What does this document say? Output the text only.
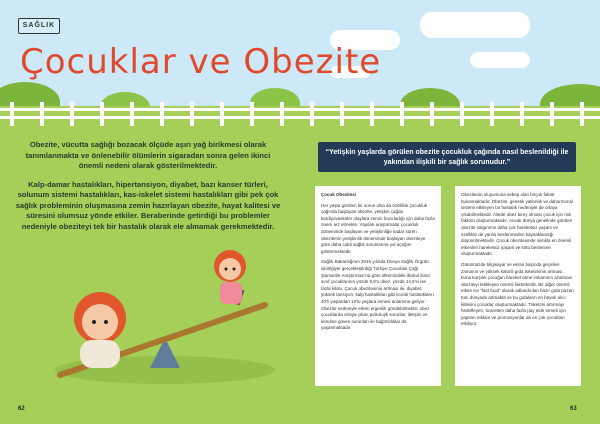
SAĞLIK
Çocuklar ve Obezite

Obezite, vücutta sağlığı bozacak ölçüde aşırı yağ birikmesi olarak tanımlanmakta ve önlenebilir ölümlerin sigaradan sonra gelen ikinci önemli nedeni olarak gösterilmektedir.

Kalp-damar hastalıkları, hipertansiyon, diyabet, bazı kanser türleri, solunum sistemi hastalıkları, kas-iskelet sistemi hastalıkları gibi pek çok sağlık probleminin oluşmasına zemin hazırlayan obezite, hayat kalitesi ve süresini olumsuz yönde etkiler. Beraberinde getirdiği bu problemler nedeniyle obeziteyi tek bir hastalık olarak ele almamak gerekmektedir.

“Yetişkin yaşlarda görülen obezite çocukluk çağında nasıl beslenildiği ile yakından ilişkili bir sağlık sorunudur.”

Çocuk Obezitesi

Her yaşta görülen bir sorun olsa da özellikle çocukluk çağında başlayan obezite, yetişkin çağda kardiyovasküler olaylara zemin hazırladığı için daha fazla önem arz etmekte. Yapılan araştırmalar çocukluk döneminde başlayan ve yetişkinliğe kadar süren obezitenin yetişkinlik döneminde başlayan obeziteye göre daha ciddi sağlık sorunlarına yol açtığını göstermektedir.

Sağlık Bakanlığının 2016 yılında Dünya Sağlık Örgütü işbirliğiyle gerçekleştirdiği Türkiye Çocukluk Çağı Şişmanlık Araştırması'na göre ülkemizdeki ilkokul ikinci sınıf çocuklarının yüzde 9,9'u obez, yüzde 14,6'sı ise fazla kilolu. Çocuk obezitesinin artması ile, diyabet, yüksek tansiyon, kalp hastalıkları gibi kronik hastalıkların 40'lı yaşlardan 10'lu yaşlara inmesi anlamına geliyor. Obezite nedeniyle erken ergenlik görülebilmekte; obez çocuklarda ortaya çıkan psikolojik sorunlar, iletişim ve kendine güven sorunları ile bağımlılıklar da yaşanmaktadır.

Obezitenin oluşumuna sebep olan birçok faktör bulunmaktadır. Obezite, genetik yatkınlık ve dahormonal sistemi etkileyen bir hastalık nedeniyle de ortaya çıkabilmektedir. Ailede obez birey olması çocuk için risk faktörü oluşturmaktadır. Ancak dünya genelinde görülen obezite salgınının daha çok hareketsiz yaşam ve özellikle de yanlış beslenmeden kaynaklandığı düşünülmektedir. Çocuk obezitesinde sıklıkla en önemli etkenleri hareketsiz yaşam ve kötü beslenme oluşturmaktadır.

Günümüzde bilgisayar ve ekran başında geçirilen zamanın ve yüksek kalorili gıda tüketiminin artması, buna karşılık çocuğun hareket etme imkanının azalması obeziteyi tetikleyen önemli faktörlerdir. Bir diğer önemli etken ise “fast food” olarak adlandırılan hazır gıda pazarı tüm dünyada artmakta ve bu gıdaların en büyük alıcı kitlesini çocuklar oluşturmaktadır. Tüketimi artırmayı hedefleyen, ticaretten daha fazla pay elde etmek için yapılan reklam ve promosyonlar da en çok çocukları etkiliyor.

62	63
